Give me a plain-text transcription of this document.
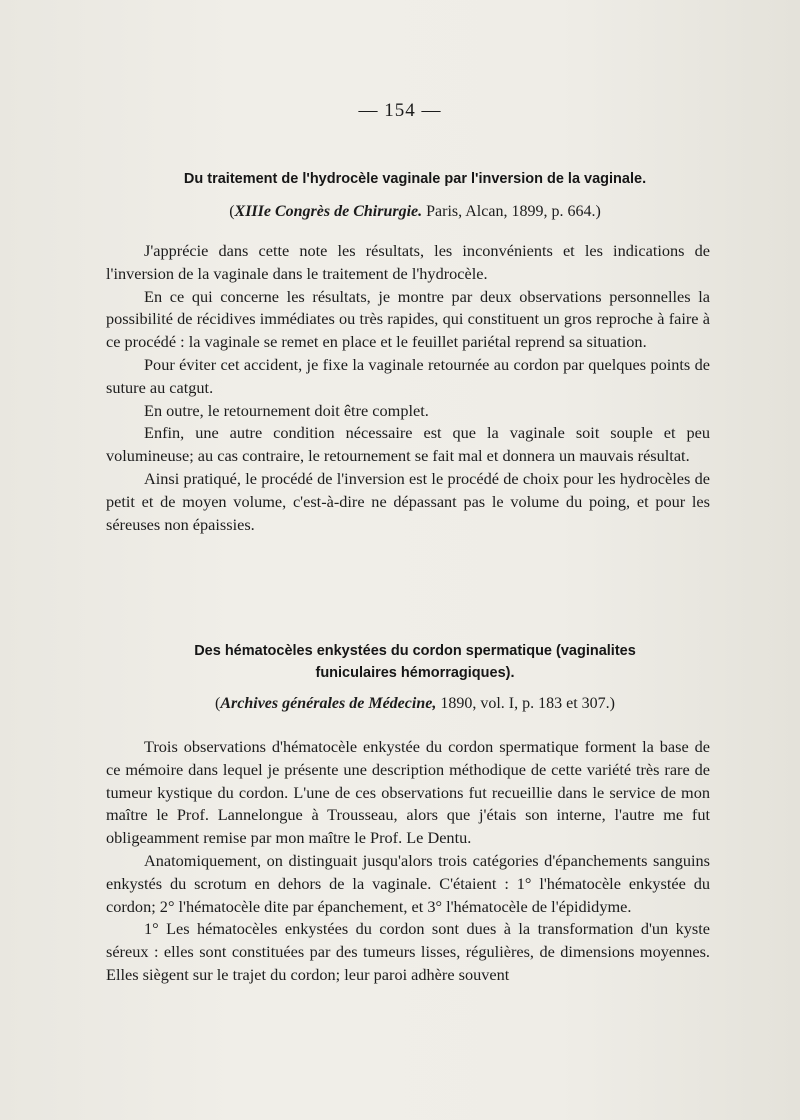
— 154 —
Du traitement de l'hydrocèle vaginale par l'inversion de la vaginale.
(XIIIe Congrès de Chirurgie. Paris, Alcan, 1899, p. 664.)

J'apprécie dans cette note les résultats, les inconvénients et les indications de l'inversion de la vaginale dans le traitement de l'hydrocèle.

En ce qui concerne les résultats, je montre par deux observations personnelles la possibilité de récidives immédiates ou très rapides, qui constituent un gros reproche à faire à ce procédé : la vaginale se remet en place et le feuillet pariétal reprend sa situation.

Pour éviter cet accident, je fixe la vaginale retournée au cordon par quelques points de suture au catgut.

En outre, le retournement doit être complet.

Enfin, une autre condition nécessaire est que la vaginale soit souple et peu volumineuse; au cas contraire, le retournement se fait mal et donnera un mauvais résultat.

Ainsi pratiqué, le procédé de l'inversion est le procédé de choix pour les hydrocèles de petit et de moyen volume, c'est-à-dire ne dépassant pas le volume du poing, et pour les séreuses non épaissies.

Des hématocèles enkystées du cordon spermatique (vaginalites
funiculaires hémorragiques).
(Archives générales de Médecine, 1890, vol. I, p. 183 et 307.)

Trois observations d'hématocèle enkystée du cordon spermatique forment la base de ce mémoire dans lequel je présente une description méthodique de cette variété très rare de tumeur kystique du cordon. L'une de ces observations fut recueillie dans le service de mon maître le Prof. Lannelongue à Trousseau, alors que j'étais son interne, l'autre me fut obligeamment remise par mon maître le Prof. Le Dentu.

Anatomiquement, on distinguait jusqu'alors trois catégories d'épanchements sanguins enkystés du scrotum en dehors de la vaginale. C'étaient : 1° l'hématocèle enkystée du cordon; 2° l'hématocèle dite par épanchement, et 3° l'hématocèle de l'épididyme.

1° Les hématocèles enkystées du cordon sont dues à la transformation d'un kyste séreux : elles sont constituées par des tumeurs lisses, régulières, de dimensions moyennes. Elles siègent sur le trajet du cordon; leur paroi adhère souvent
